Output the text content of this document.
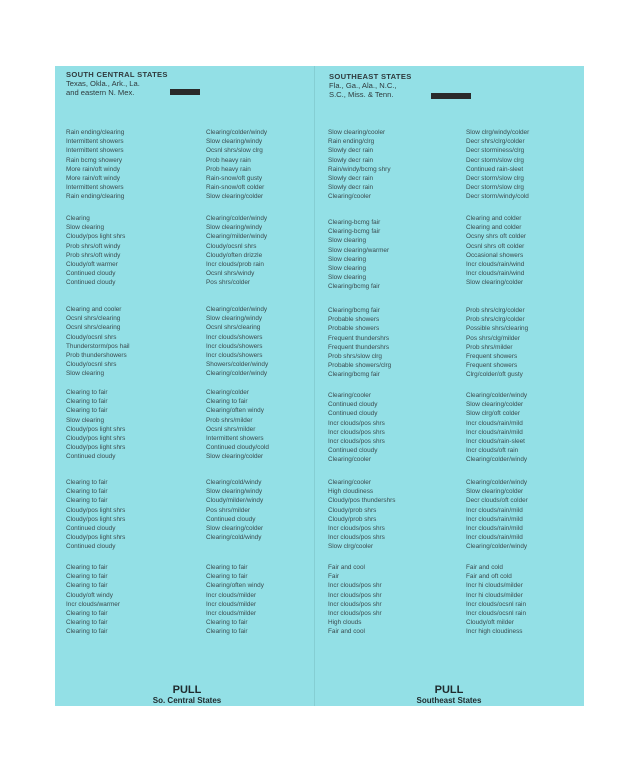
SOUTH CENTRAL STATES
Texas, Okla., Ark., La.
and eastern N. Mex.
SOUTHEAST STATES
Fla., Ga., Ala., N.C.,
S.C., Miss. & Tenn.
Rain ending/clearing
Intermittent showers
Intermittent showers
Rain bcmg showery
More rain/oft windy
More rain/oft windy
Intermittent showers
Rain ending/clearing
Clearing
Slow clearing
Cloudy/pos light shrs
Prob shrs/oft windy
Prob shrs/oft windy
Cloudy/oft warmer
Continued cloudy
Continued cloudy
Clearing and cooler
Ocsnl shrs/clearing
Ocsnl shrs/clearing
Cloudy/ocsnl shrs
Thunderstorm/pos hail
Prob thundershowers
Cloudy/ocsnl shrs
Slow clearing
Clearing to fair
Clearing to fair
Clearing to fair
Slow clearing
Cloudy/pos light shrs
Cloudy/pos light shrs
Cloudy/pos light shrs
Continued cloudy
Clearing to fair
Clearing to fair
Clearing to fair
Cloudy/pos light shrs
Cloudy/pos light shrs
Continued cloudy
Cloudy/pos light shrs
Continued cloudy
Clearing to fair
Clearing to fair
Clearing to fair
Cloudy/oft windy
Incr clouds/warmer
Clearing to fair
Clearing to fair
Clearing to fair
Clearing/colder/windy
Slow clearing/windy
Ocsnl shrs/slow clrg
Prob heavy rain
Prob heavy rain
Rain-snow/oft gusty
Rain-snow/oft colder
Slow clearing/colder
Clearing/colder/windy
Slow clearing/windy
Clearing/milder/windy
Cloudy/ocsnl shrs
Cloudy/often drizzle
Incr clouds/prob rain
Ocsnl shrs/windy
Pos shrs/colder
Clearing/colder/windy
Slow clearing/windy
Ocsnl shrs/clearing
Incr clouds/showers
Incr clouds/showers
Incr clouds/showers
Showers/colder/windy
Clearing/colder/windy
Clearing/colder
Clearing to fair
Clearing/often windy
Prob shrs/milder
Ocsnl shrs/milder
Intermittent showers
Continued cloudy/cold
Slow clearing/colder
Clearing/cold/windy
Slow clearing/windy
Cloudy/milder/windy
Pos shrs/milder
Continued cloudy
Slow clearing/colder
Clearing/cold/windy
Clearing to fair
Clearing to fair
Clearing/often windy
Incr clouds/milder
Incr clouds/milder
Incr clouds/milder
Clearing to fair
Clearing to fair
Slow clearing/cooler
Rain ending/clrg
Slowly decr rain
Slowly decr rain
Rain/windy/bcmg shry
Slowly decr rain
Slowly decr rain
Clearing/cooler
Clearing-bcmg fair
Clearing-bcmg fair
Slow clearing
Slow clearing/warmer
Slow clearing
Slow clearing
Slow clearing
Clearing/bcmg fair
Clearing/bcmg fair
Probable showers
Probable showers
Frequent thundershrs
Frequent thundershrs
Prob shrs/slow clrg
Probable showers/clrg
Clearing/bcmg fair
Clearing/cooler
Continued cloudy
Continued cloudy
Incr clouds/pos shrs
Incr clouds/pos shrs
Incr clouds/pos shrs
Continued cloudy
Clearing/cooler
Clearing/cooler
High cloudiness
Cloudy/pos thundershrs
Cloudy/prob shrs
Cloudy/prob shrs
Incr clouds/pos shrs
Incr clouds/pos shrs
Slow clrg/cooler
Fair and cool
Fair
Incr clouds/pos shr
Incr clouds/pos shr
Incr clouds/pos shr
Incr clouds/pos shr
High clouds
Fair and cool
Slow clrg/windy/colder
Decr shrs/clrg/colder
Decr storminess/clrg
Decr storm/slow clrg
Continued rain-sleet
Decr storm/slow clrg
Decr storm/slow clrg
Decr storm/windy/cold
Clearing and colder
Clearing and colder
Ocsny shrs oft colder
Ocsnl shrs oft colder
Occasional showers
Incr clouds/rain/wind
Incr clouds/rain/wind
Slow clearing/colder
Prob shrs/clrg/colder
Prob shrs/clrg/colder
Possible shrs/clearing
Pos shrs/clg/milder
Prob shrs/milder
Frequent showers
Frequent showers
Clrg/colder/oft gusty
Clearing/colder/windy
Slow clearing/colder
Slow clrg/oft colder
Incr clouds/rain/mild
Incr clouds/rain/mild
Incr clouds/rain-sleet
Incr clouds/oft rain
Clearing/colder/windy
Clearing/colder/windy
Slow clearing/colder
Decr clouds/oft colder
Incr clouds/rain/mild
Incr clouds/rain/mild
Incr clouds/rain/mild
Incr clouds/rain/mild
Clearing/colder/windy
Fair and cold
Fair and oft cold
Incr hi clouds/milder
Incr hi clouds/milder
Incr clouds/ocsnl rain
Incr clouds/ocsnl rain
Cloudy/oft milder
Incr high cloudiness
PULL
So. Central States
PULL
Southeast States
